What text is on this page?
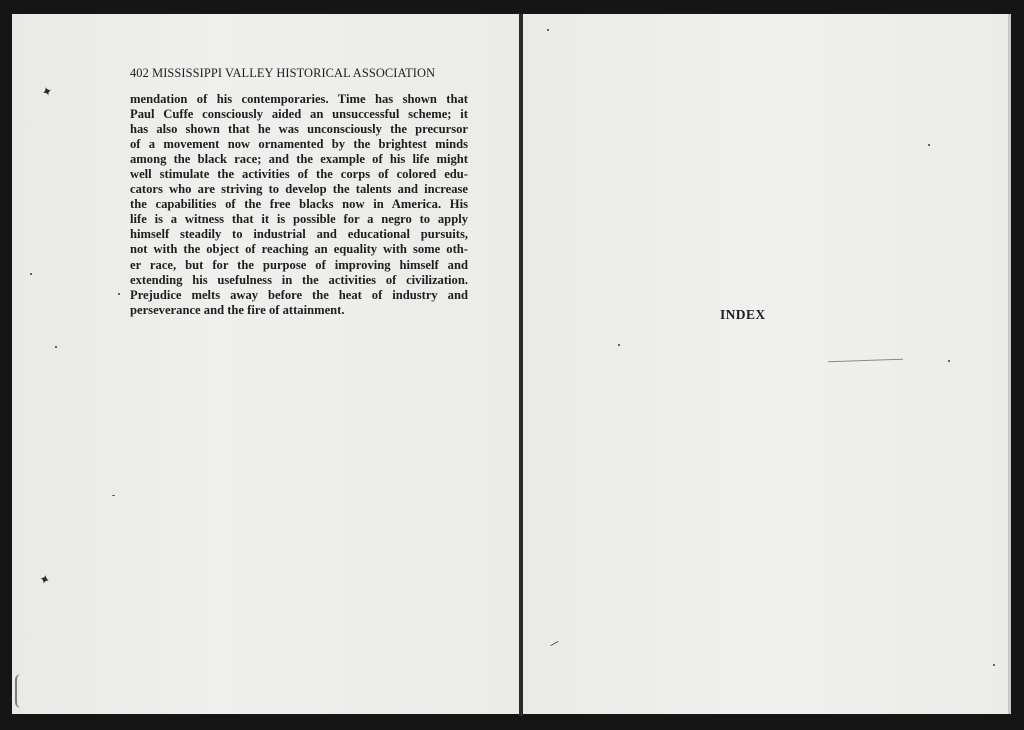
402 MISSISSIPPI VALLEY HISTORICAL ASSOCIATION
mendation of his contemporaries. Time has shown that
Paul Cuffe consciously aided an unsuccessful scheme; it
has also shown that he was unconsciously the precursor
of a movement now ornamented by the brightest minds
among the black race; and the example of his life might
well stimulate the activities of the corps of colored edu-
cators who are striving to develop the talents and increase
the capabilities of the free blacks now in America. His
life is a witness that it is possible for a negro to apply
himself steadily to industrial and educational pursuits,
not with the object of reaching an equality with some oth-
er race, but for the purpose of improving himself and
extending his usefulness in the activities of civilization.
Prejudice melts away before the heat of industry and
perseverance and the fire of attainment.
✦
✦
INDEX
⁄
